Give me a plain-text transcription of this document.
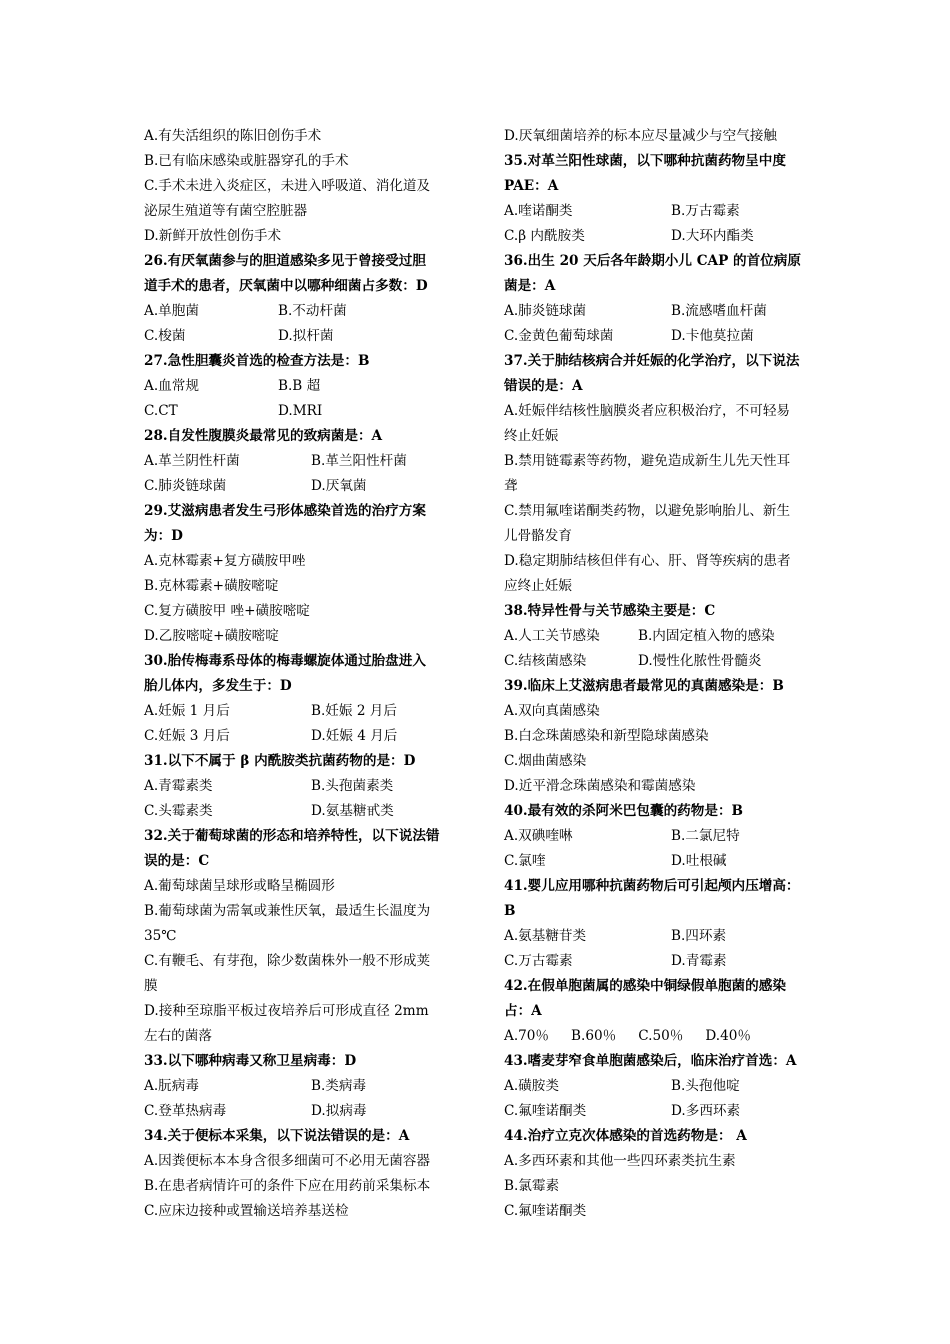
A.有失活组织的陈旧创伤手术
B.已有临床感染或脏器穿孔的手术
C.手术未进入炎症区，未进入呼吸道、消化道及
泌尿生殖道等有菌空腔脏器
D.新鲜开放性创伤手术
26.有厌氧菌参与的胆道感染多见于曾接受过胆
道手术的患者，厌氧菌中以哪种细菌占多数：D
A.单胞菌	B.不动杆菌
C.梭菌	D.拟杆菌
27.急性胆囊炎首选的检查方法是：B
A.血常规	B.B 超
C.CT	D.MRI
28.自发性腹膜炎最常见的致病菌是：A
A.革兰阴性杆菌	B.革兰阳性杆菌
C.肺炎链球菌	D.厌氧菌
29.艾滋病患者发生弓形体感染首选的治疗方案
为：D
A.克林霉素+复方磺胺甲唑
B.克林霉素+磺胺嘧啶
C.复方磺胺甲 唑+磺胺嘧啶
D.乙胺嘧啶+磺胺嘧啶
30.胎传梅毒系母体的梅毒螺旋体通过胎盘进入
胎儿体内，多发生于：D
A.妊娠 1 月后	B.妊娠 2 月后
C.妊娠 3 月后	D.妊娠 4 月后
31.以下不属于 β 内酰胺类抗菌药物的是：D
A.青霉素类	B.头孢菌素类
C.头霉素类	D.氨基糖甙类
32.关于葡萄球菌的形态和培养特性，以下说法错
误的是：C
A.葡萄球菌呈球形或略呈椭圆形
B.葡萄球菌为需氧或兼性厌氧，最适生长温度为
35℃
C.有鞭毛、有芽孢，除少数菌株外一般不形成荚
膜
D.接种至琼脂平板过夜培养后可形成直径 2mm
左右的菌落
33.以下哪种病毒又称卫星病毒：D
A.朊病毒	B.类病毒
C.登革热病毒	D.拟病毒
34.关于便标本采集，以下说法错误的是：A
A.因粪便标本本身含很多细菌可不必用无菌容器
B.在患者病情许可的条件下应在用药前采集标本
C.应床边接种或置输送培养基送检
D.厌氧细菌培养的标本应尽量减少与空气接触
35.对革兰阳性球菌，以下哪种抗菌药物呈中度
PAE：A
A.喹诺酮类	B.万古霉素
C.β 内酰胺类	D.大环内酯类
36.出生 20 天后各年龄期小儿 CAP 的首位病原
菌是：A
A.肺炎链球菌	B.流感嗜血杆菌
C.金黄色葡萄球菌	D.卡他莫拉菌
37.关于肺结核病合并妊娠的化学治疗，以下说法
错误的是：A
A.妊娠伴结核性脑膜炎者应积极治疗，不可轻易
终止妊娠
B.禁用链霉素等药物，避免造成新生儿先天性耳
聋
C.禁用氟喹诺酮类药物，以避免影响胎儿、新生
儿骨骼发育
D.稳定期肺结核但伴有心、肝、肾等疾病的患者
应终止妊娠
38.特异性骨与关节感染主要是：C
A.人工关节感染	B.内固定植入物的感染
C.结核菌感染	D.慢性化脓性骨髓炎
39.临床上艾滋病患者最常见的真菌感染是：B
A.双向真菌感染
B.白念珠菌感染和新型隐球菌感染
C.烟曲菌感染
D.近平滑念珠菌感染和霉菌感染
40.最有效的杀阿米巴包囊的药物是：B
A.双碘喹啉	B.二氯尼特
C.氯喹	D.吐根碱
41.婴儿应用哪种抗菌药物后可引起颅内压增高：
B
A.氨基糖苷类	B.四环素
C.万古霉素	D.青霉素
42.在假单胞菌属的感染中铜绿假单胞菌的感染
占：A
A.70％ B.60％ C.50％ D.40％
43.嗜麦芽窄食单胞菌感染后，临床治疗首选：A
A.磺胺类	B.头孢他啶
C.氟喹诺酮类	D.多西环素
44.治疗立克次体感染的首选药物是： A
A.多西环素和其他一些四环素类抗生素
B.氯霉素
C.氟喹诺酮类
